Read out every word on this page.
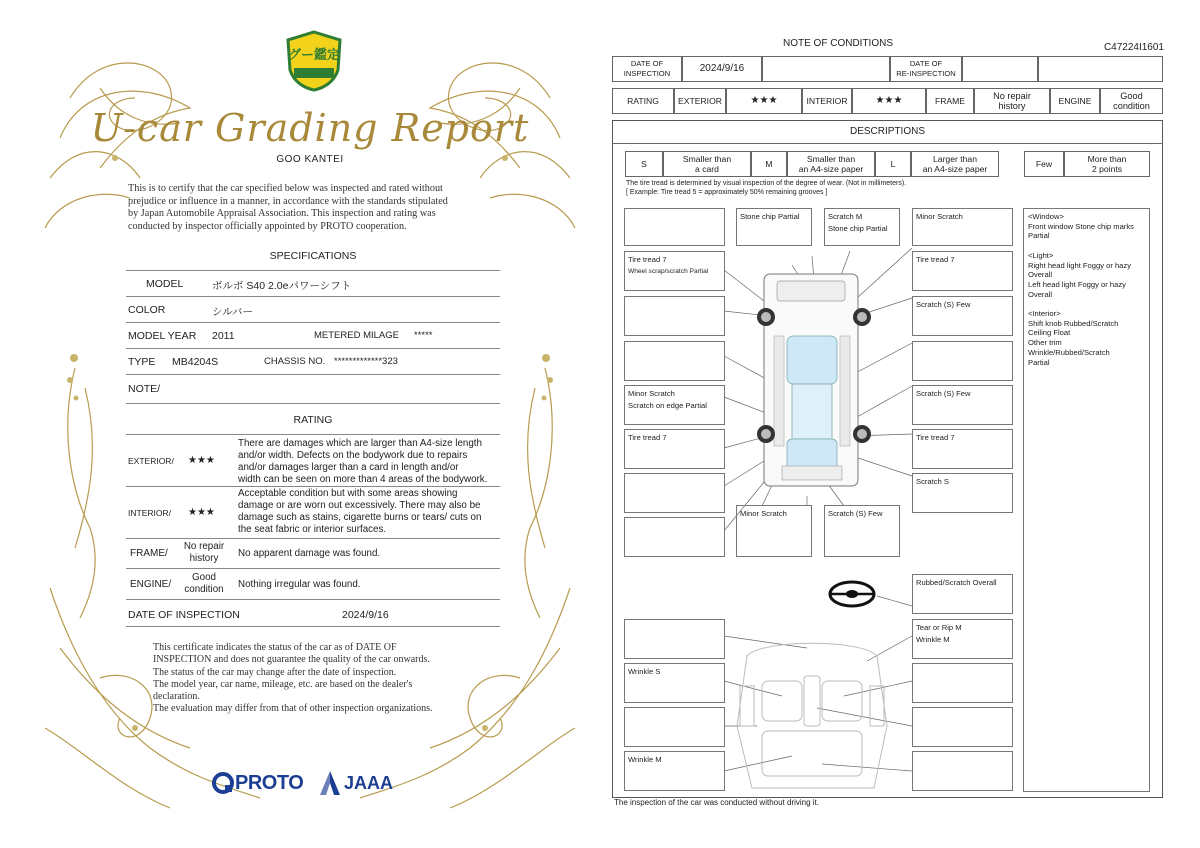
グー鑑定
U-car Grading Report
GOO KANTEI
This is to certify that the car specified below was inspected and rated without
prejudice or influence in a manner, in accordance with the standards stipulated
by Japan Automobile Appraisal Association. This inspection and rating was
conducted by inspector officially appointed by PROTO cooperation.
SPECIFICATIONS
MODEL	ボルボ S40 2.0eパワーシフト
COLOR	シルバー
MODEL YEAR 2011	METERED MILAGE *****
TYPE MB4204S	CHASSIS NO. *************323
NOTE/
RATING
EXTERIOR/ ★★★
There are damages which are larger than A4-size length
and/or width. Defects on the bodywork due to repairs
and/or damages larger than a card in length and/or
width can be seen on more than 4 areas of the bodywork.
INTERIOR/ ★★★
Acceptable condition but with some areas showing
damage or are worn out excessively. There may also be
damage such as stains, cigarette burns or tears/ cuts on
the seat fabric or interior surfaces.
FRAME/
No repair
history	No apparent damage was found.
ENGINE/
Good
condition	Nothing irregular was found.
DATE OF INSPECTION	2024/9/16
This certificate indicates the status of the car as of DATE OF
INSPECTION and does not guarantee the quality of the car onwards.
The status of the car may change after the date of inspection.
The model year, car name, mileage, etc. are based on the dealer's
declaration.
The evaluation may differ from that of other inspection organizations.
PROTO JAAA
NOTE OF CONDITIONS	C47224I1601
DATE OF
INSPECTION	2024/9/16	DATE OF
RE-INSPECTION
RATING	EXTERIOR	★★★	INTERIOR	★★★	FRAME	No repair
history	ENGINE	Good
condition
DESCRIPTIONS
S	Smaller than
a card	M	Smaller than
an A4-size paper	L	Larger than
an A4-size paper	Few	More than
2 points
The tire tread is determined by visual inspection of the degree of wear. (Not in millimeters).
[ Example: Tire tread 5 = approximately 50% remaining grooves ]
Tire tread 7
Wheel scrap/scratch Partial
Minor Scratch
Scratch on edge Partial
Tire tread 7
Stone chip Partial	Scratch M
Stone chip Partial
Minor Scratch
Tire tread 7
Scratch (S) Few
Scratch (S) Few
Tire tread 7
Scratch S
Minor Scratch	Scratch (S) Few
Rubbed/Scratch Overall
Tear or Rip M
Wrinkle M
Wrinkle S
Wrinkle M
<Window>
Front window Stone chip marks
Partial
<Light>
Right head light Foggy or hazy
Overall
Left head light Foggy or hazy
Overall
<Interior>
Shift knob Rubbed/Scratch
Ceiling Float
Other trim
Wrinkle/Rubbed/Scratch
Partial
The inspection of the car was conducted without driving it.
